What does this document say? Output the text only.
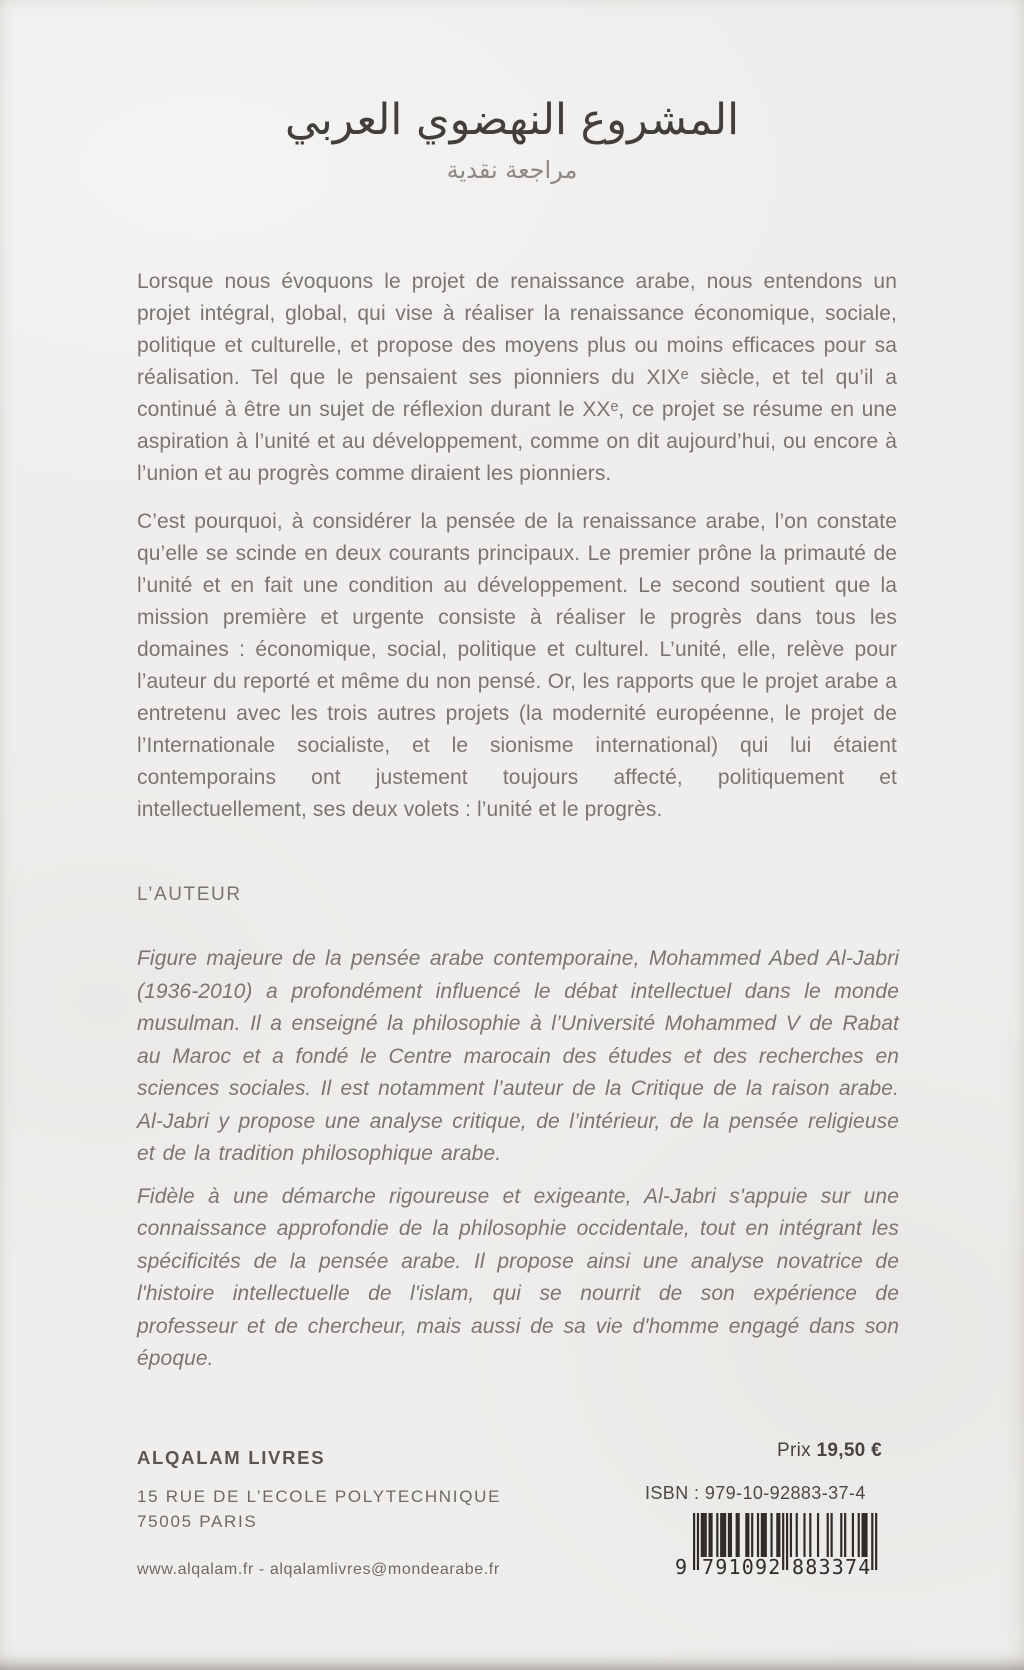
المشروع النهضوي العربي
مراجعة نقدية

Lorsque nous évoquons le projet de renaissance arabe, nous entendons un projet intégral, global, qui vise à réaliser la renaissance économique, sociale, politique et culturelle, et propose des moyens plus ou moins efficaces pour sa réalisation. Tel que le pensaient ses pionniers du XIXᵉ siècle, et tel qu’il a continué à être un sujet de réflexion durant le XXᵉ, ce projet se résume en une aspiration à l’unité et au développement, comme on dit aujourd’hui, ou encore à l’union et au progrès comme diraient les pionniers.

C’est pourquoi, à considérer la pensée de la renaissance arabe, l’on constate qu’elle se scinde en deux courants principaux. Le premier prône la primauté de l’unité et en fait une condition au développement. Le second soutient que la mission première et urgente consiste à réaliser le progrès dans tous les domaines : économique, social, politique et culturel. L’unité, elle, relève pour l’auteur du reporté et même du non pensé. Or, les rapports que le projet arabe a entretenu avec les trois autres projets (la modernité européenne, le projet de l’Internationale socialiste, et le sionisme international) qui lui étaient contemporains ont justement toujours affecté, politiquement et intellectuellement, ses deux volets : l’unité et le progrès.

L’AUTEUR

Figure majeure de la pensée arabe contemporaine, Mohammed Abed Al-Jabri (1936-2010) a profondément influencé le débat intellectuel dans le monde musulman. Il a enseigné la philosophie à l’Université Mohammed V de Rabat au Maroc et a fondé le Centre marocain des études et des recherches en sciences sociales. Il est notamment l’auteur de la Critique de la raison arabe. Al-Jabri y propose une analyse critique, de l’intérieur, de la pensée religieuse et de la tradition philosophique arabe.

Fidèle à une démarche rigoureuse et exigeante, Al-Jabri s'appuie sur une connaissance approfondie de la philosophie occidentale, tout en intégrant les spécificités de la pensée arabe. Il propose ainsi une analyse novatrice de l'histoire intellectuelle de l'islam, qui se nourrit de son expérience de professeur et de chercheur, mais aussi de sa vie d'homme engagé dans son époque.

ALQALAM LIVRES
15 RUE DE L’ECOLE POLYTECHNIQUE
75005 PARIS
www.alqalam.fr - alqalamlivres@mondearabe.fr
Prix 19,50 €
ISBN : 979-10-92883-37-4
9 791092 883374
